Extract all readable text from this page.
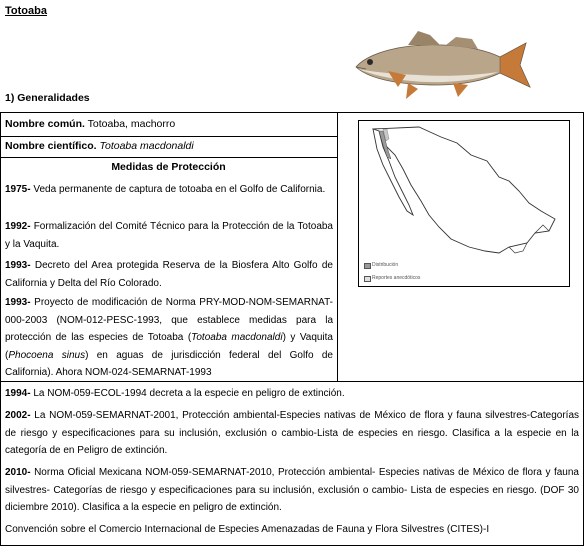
Totoaba
1) Generalidades
Nombre común. Totoaba, machorro
Nombre científico. Totoaba macdonaldi
Medidas de Protección
1975- Veda permanente de captura de totoaba en el Golfo de California.
1992- Formalización del Comité Técnico para la Protección de la Totoaba y la Vaquita.
1993- Decreto del Area protegida Reserva de la Biosfera Alto Golfo de California y Delta del Río Colorado.
1993- Proyecto de modificación de Norma PRY-MOD-NOM-SEMARNAT-000-2003 (NOM-012-PESC-1993, que establece medidas para la protección de las especies de Totoaba (Totoaba macdonaldi) y Vaquita (Phocoena sinus) en aguas de jurisdicción federal del Golfo de California). Ahora NOM-024-SEMARNAT-1993
Distribución
Reportes anecdóticos
1994- La NOM-059-ECOL-1994 decreta a la especie en peligro de extinción.
2002- La NOM-059-SEMARNAT-2001, Protección ambiental-Especies nativas de México de flora y fauna silvestres-Categorías de riesgo y especificaciones para su inclusión, exclusión o cambio-Lista de especies en riesgo. Clasifica a la especie en la categoría de en Peligro de extinción.
2010- Norma Oficial Mexicana NOM-059-SEMARNAT-2010, Protección ambiental- Especies nativas de México de flora y fauna silvestres- Categorías de riesgo y especificaciones para su inclusión, exclusión o cambio- Lista de especies en riesgo. (DOF 30 diciembre 2010). Clasifica a la especie en peligro de extinción.
Convención sobre el Comercio Internacional de Especies Amenazadas de Fauna y Flora Silvestres (CITES)-I
